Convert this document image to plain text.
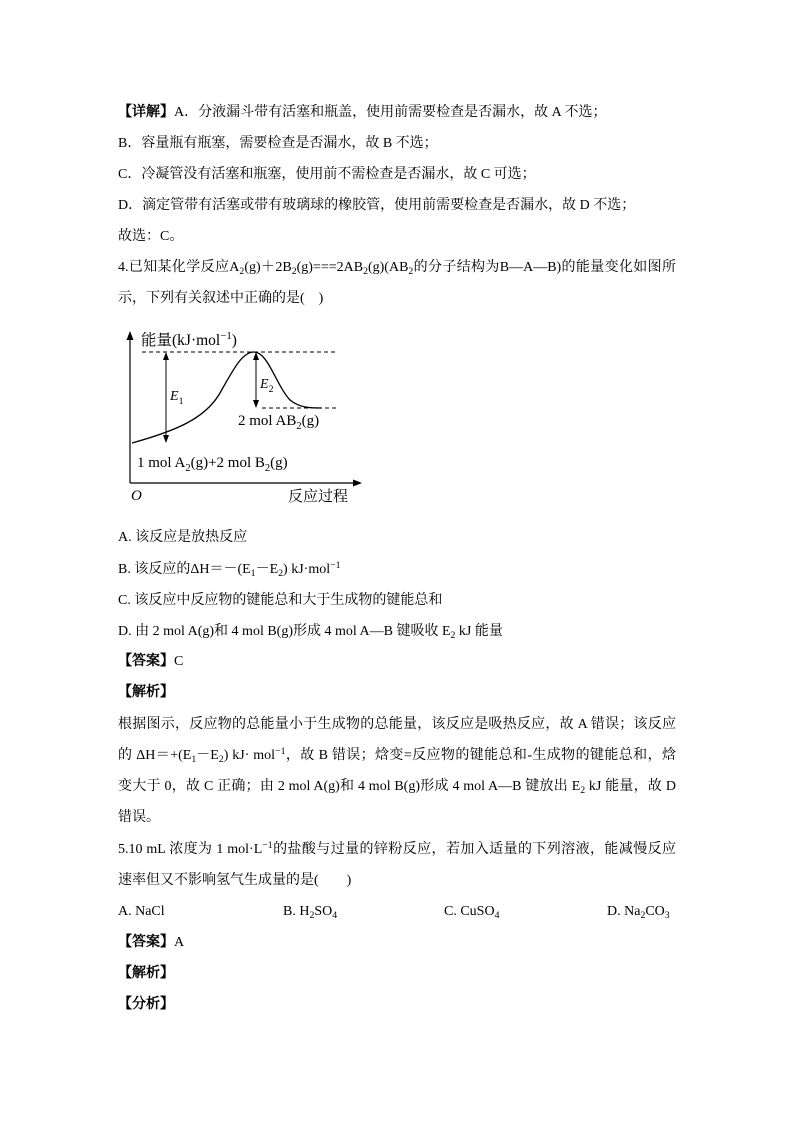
【详解】A．分液漏斗带有活塞和瓶盖，使用前需要检查是否漏水，故 A 不选；
B．容量瓶有瓶塞，需要检查是否漏水，故 B 不选；
C．冷凝管没有活塞和瓶塞，使用前不需检查是否漏水，故 C 可选；
D．滴定管带有活塞或带有玻璃球的橡胶管，使用前需要检查是否漏水，故 D 不选；
故选：C。
4.已知某化学反应$A_2(g)+2B_2(g)===2AB_2(g)(AB_2$的分子结构为B—A—B)的能量变化如图所
示，下列有关叙述中正确的是(　)
能量(kJ·mol−1)
E1
E2
2 mol AB2(g)
1 mol A2(g)+2 mol B2(g)
O	反应过程
A. 该反应是放热反应
B. 该反应的$\Delta H=-(E_1-E_2)$ kJ·mol$^{-1}$
C. 该反应中反应物的键能总和大于生成物的键能总和
D. 由 2 mol A(g)和 4 mol B(g)形成 4 mol A—B 键吸收 $E_2$ kJ 能量
【答案】C
【解析】
根据图示，反应物的总能量小于生成物的总能量，该反应是吸热反应，故 A 错误；该反应
的 $\Delta H=+(E_1-E_2)$ kJ· mol$^{-1}$，故 B 错误；焓变=反应物的键能总和-生成物的键能总和，焓
变大于 0，故 C 正确；由 2 mol A(g)和 4 mol B(g)形成 4 mol A—B 键放出 $E_2$ kJ 能量，故 D
错误。
5.10 mL 浓度为 1 $mol\cdot L^{-1}$的盐酸与过量的锌粉反应，若加入适量的下列溶液，能减慢反应
速率但又不影响氢气生成量的是(　　)
A. NaCl	B. $H_2SO_4$	C. CuSO$_4$	D. $Na_2CO_3$
【答案】A
【解析】
【分析】
